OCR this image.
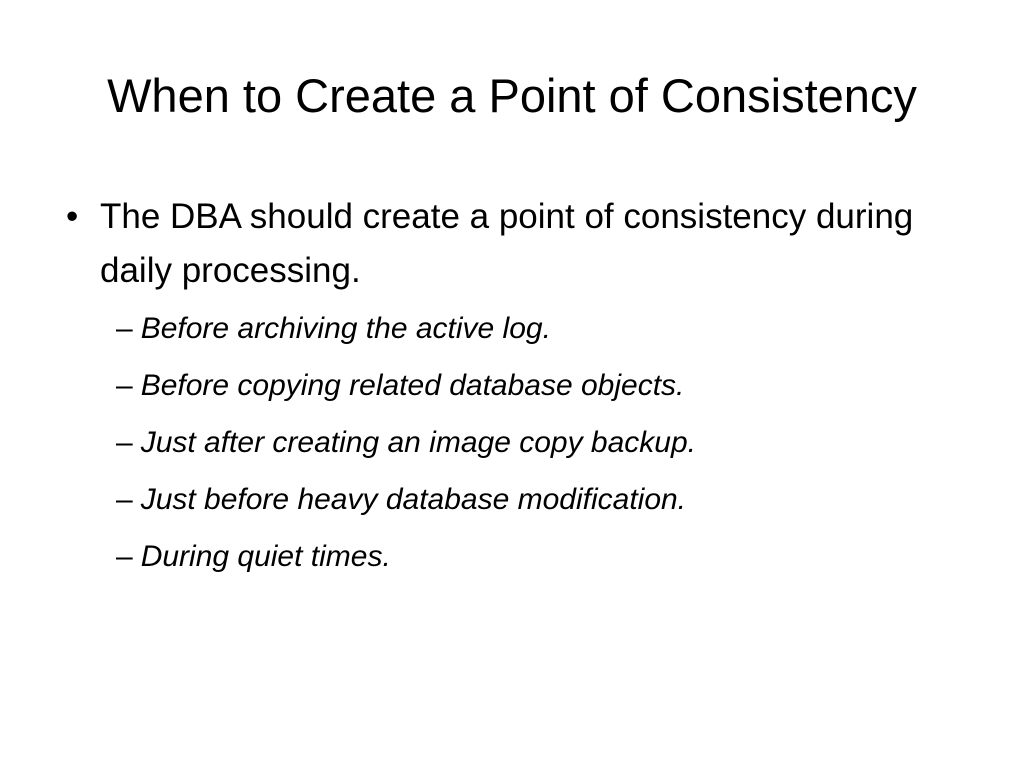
When to Create a Point of Consistency
• The DBA should create a point of consistency during daily processing.
– Before archiving the active log.
– Before copying related database objects.
– Just after creating an image copy backup.
– Just before heavy database modification.
– During quiet times.
